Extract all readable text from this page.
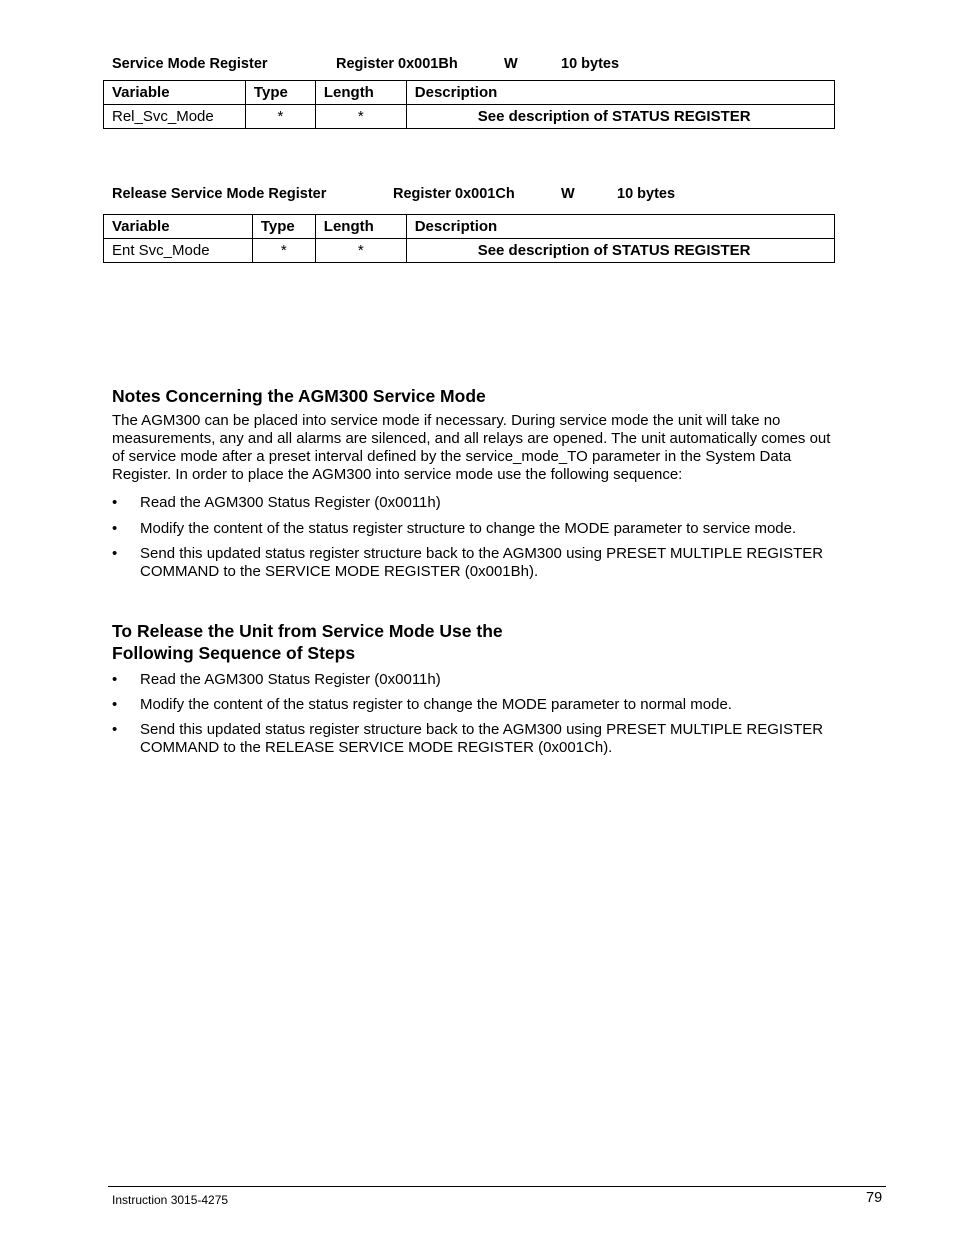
Service Mode Register	Register 0x001Bh	W	10 bytes
Variable	Type	Length	Description
Rel_Svc_Mode	*	*	See description of STATUS REGISTER
Release Service Mode Register	Register 0x001Ch	W	10 bytes
Variable	Type	Length	Description
Ent Svc_Mode	*	*	See description of STATUS REGISTER
Notes Concerning the AGM300 Service Mode

The AGM300 can be placed into service mode if necessary. During service mode the unit will take no
measurements, any and all alarms are silenced, and all relays are opened. The unit automatically comes out
of service mode after a preset interval defined by the service_mode_TO parameter in the System Data
Register. In order to place the AGM300 into service mode use the following sequence:

• Read the AGM300 Status Register (0x0011h)
• Modify the content of the status register structure to change the MODE parameter to service mode.
• Send this updated status register structure back to the AGM300 using PRESET MULTIPLE REGISTER
COMMAND to the SERVICE MODE REGISTER (0x001Bh).
To Release the Unit from Service Mode Use the
Following Sequence of Steps
• Read the AGM300 Status Register (0x0011h)
• Modify the content of the status register to change the MODE parameter to normal mode.
• Send this updated status register structure back to the AGM300 using PRESET MULTIPLE REGISTER
COMMAND to the RELEASE SERVICE MODE REGISTER (0x001Ch).
Instruction 3015-4275	79
